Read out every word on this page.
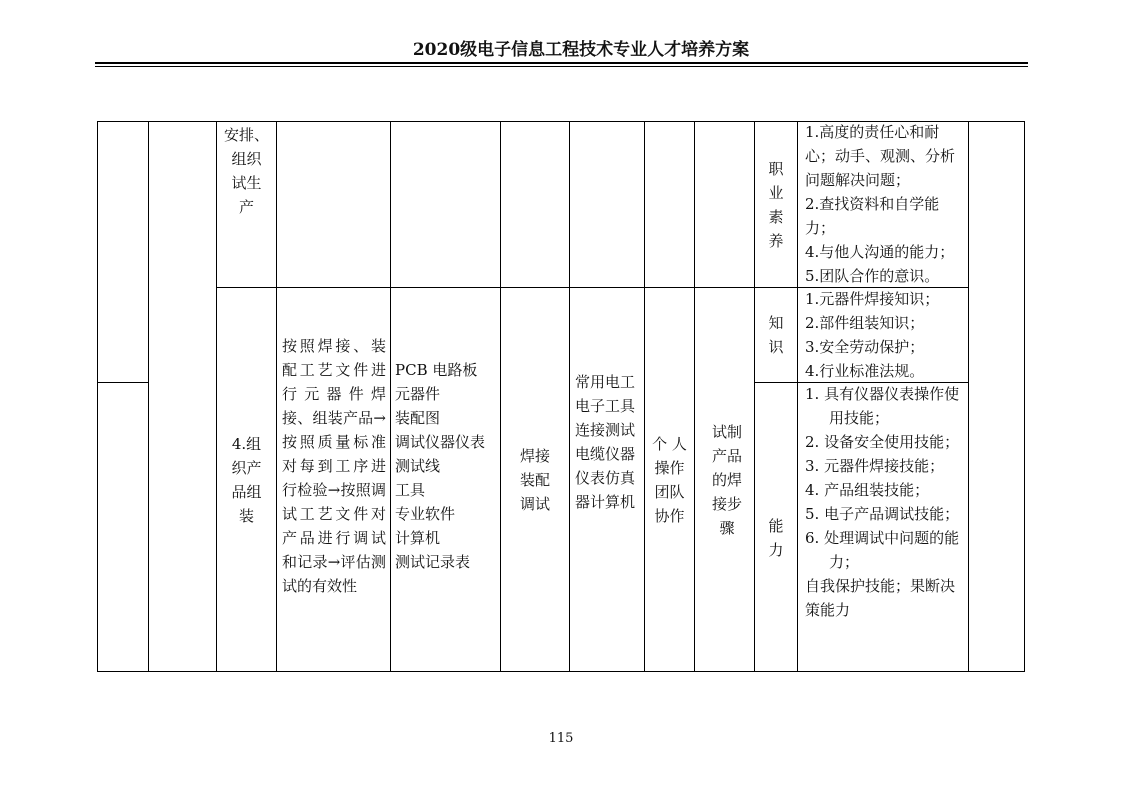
2020级电子信息工程技术专业人才培养方案
安排、
组织
试生
产
职
业
素
养
1.高度的责任心和耐心；动手、观测、分析问题解决问题；
2.查找资料和自学能力；
4.与他人沟通的能力；
5.团队合作的意识。
4.组
织产
品组
装
按照焊接、装配工艺文件进行元器件焊接、组装产品→按照质量标准对每到工序进行检验→按照调试工艺文件对产品进行调试和记录→评估测试的有效性
PCB 电路板
元器件
装配图
调试仪器仪表
测试线
工具
专业软件
计算机
测试记录表
焊接
装配
调试
常用电工电子工具连接测试电缆仪器仪表仿真器计算机
个 人
操作
团队
协作
试制产品的焊接步骤
知
识
1.元器件焊接知识；
2.部件组装知识；
3.安全劳动保护；
4.行业标准法规。
能
力
1. 具有仪器仪表操作使用技能；
2. 设备安全使用技能；
3. 元器件焊接技能；
4. 产品组装技能；
5. 电子产品调试技能；
6. 处理调试中问题的能力；
自我保护技能；果断决策能力
115
